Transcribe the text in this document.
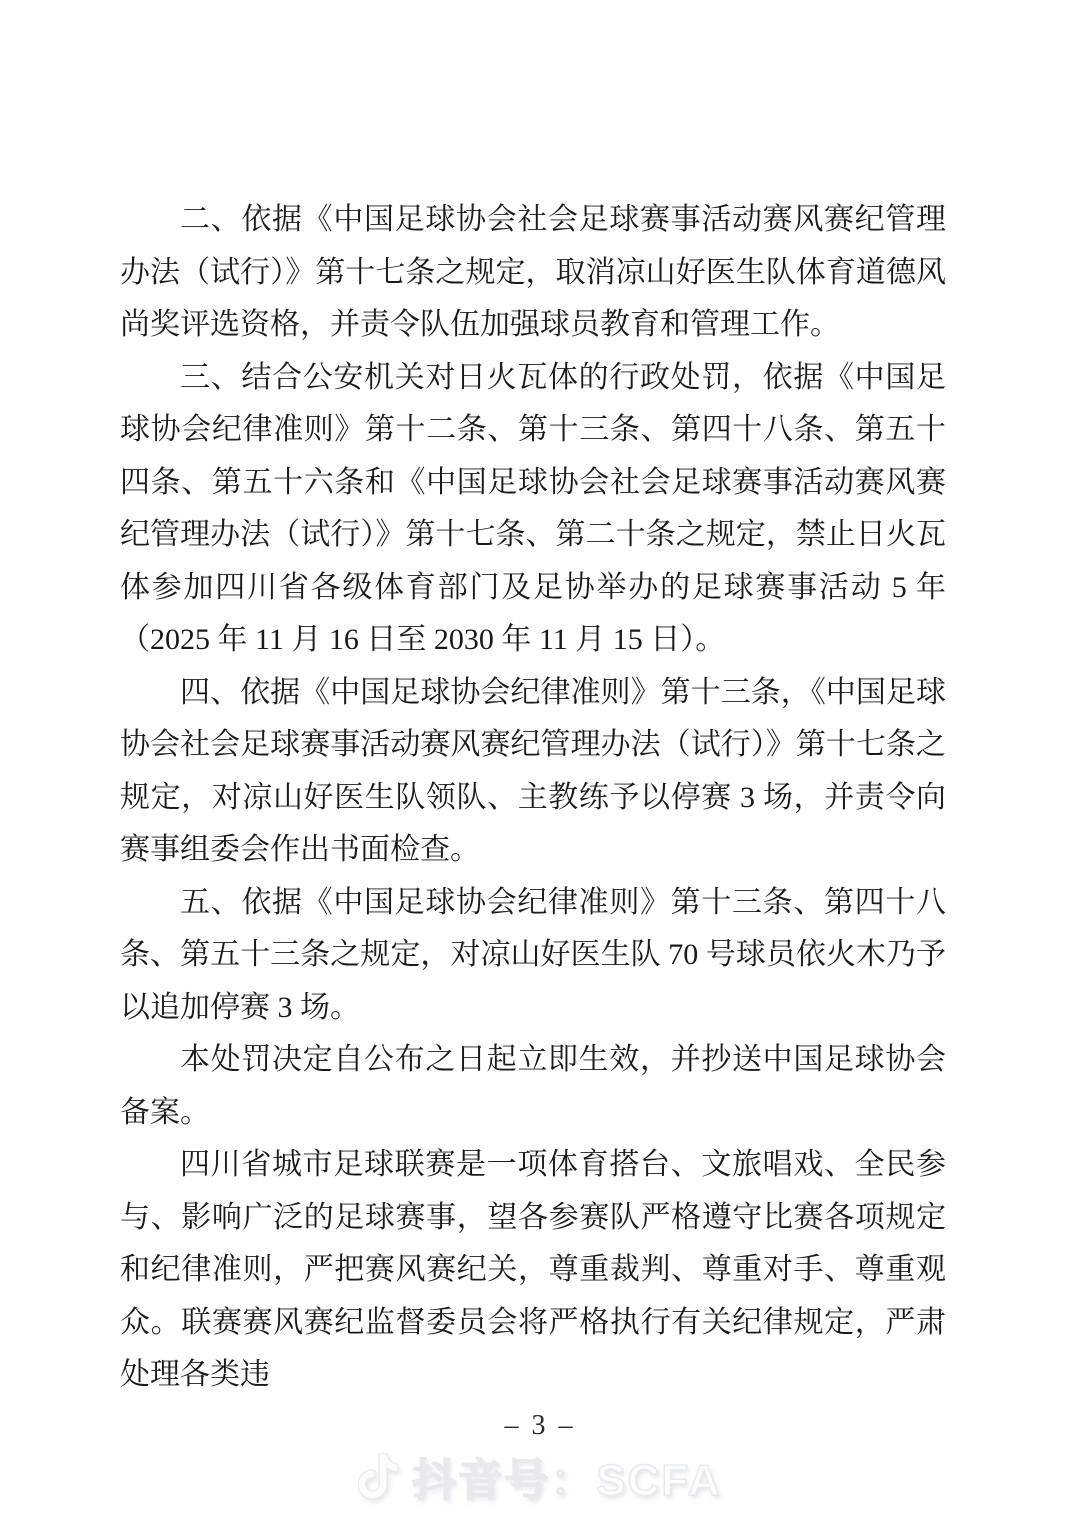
二、依据《中国足球协会社会足球赛事活动赛风赛纪管理办法（试行）》第十七条之规定，取消凉山好医生队体育道德风尚奖评选资格，并责令队伍加强球员教育和管理工作。

三、结合公安机关对日火瓦体的行政处罚，依据《中国足球协会纪律准则》第十二条、第十三条、第四十八条、第五十四条、第五十六条和《中国足球协会社会足球赛事活动赛风赛纪管理办法（试行）》第十七条、第二十条之规定，禁止日火瓦体参加四川省各级体育部门及足协举办的足球赛事活动 5 年（2025 年 11 月 16 日至 2030 年 11 月 15 日）。

四、依据《中国足球协会纪律准则》第十三条，《中国足球协会社会足球赛事活动赛风赛纪管理办法（试行）》第十七条之规定，对凉山好医生队领队、主教练予以停赛 3 场，并责令向赛事组委会作出书面检查。

五、依据《中国足球协会纪律准则》第十三条、第四十八条、第五十三条之规定，对凉山好医生队 70 号球员依火木乃予以追加停赛 3 场。

本处罚决定自公布之日起立即生效，并抄送中国足球协会备案。

四川省城市足球联赛是一项体育搭台、文旅唱戏、全民参与、影响广泛的足球赛事，望各参赛队严格遵守比赛各项规定和纪律准则，严把赛风赛纪关，尊重裁判、尊重对手、尊重观众。联赛赛风赛纪监督委员会将严格执行有关纪律规定，严肃处理各类违

– 3 –
抖音号：SCFA
